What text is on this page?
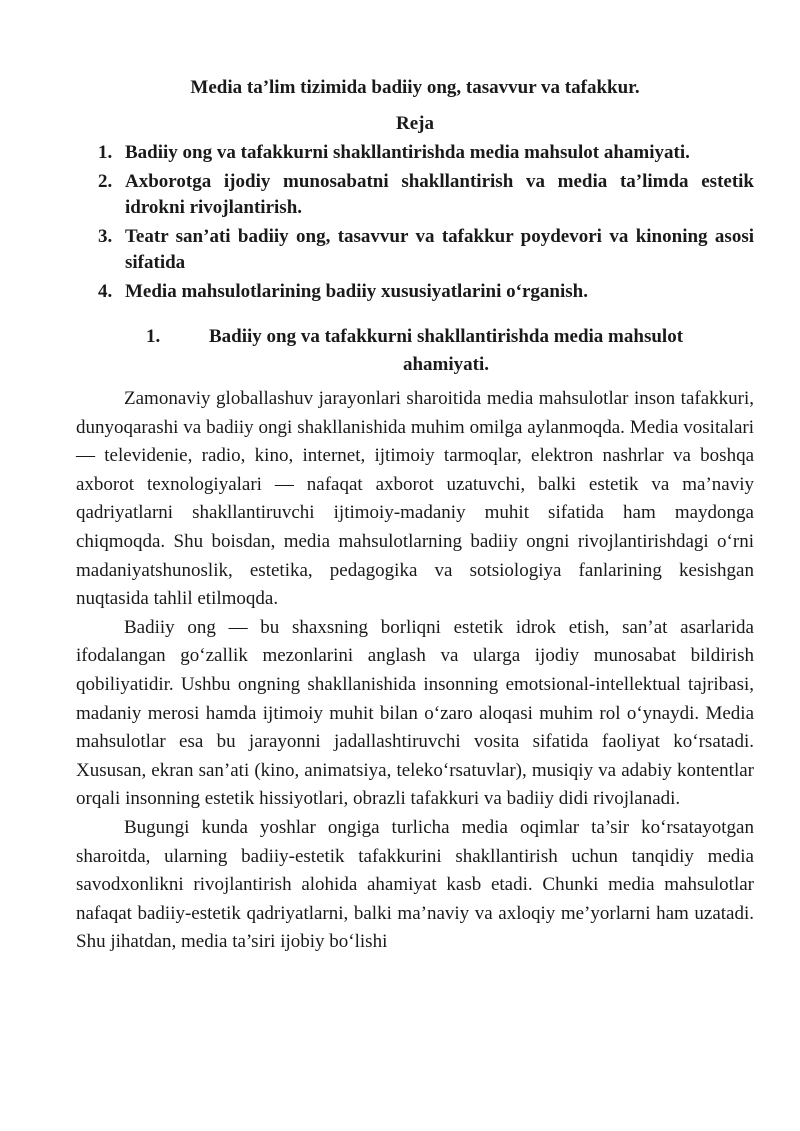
Media ta’lim tizimida badiiy ong, tasavvur va tafakkur.

Reja

1. Badiiy ong va tafakkurni shakllantirishda media mahsulot ahamiyati.
2. Axborotga ijodiy munosabatni shakllantirish va media ta’limda estetik idrokni rivojlantirish.
3. Teatr san’ati badiiy ong, tasavvur va tafakkur poydevori va kinoning asosi sifatida
4. Media mahsulotlarining badiiy xususiyatlarini o‘rganish.
1.	Badiiy ong va tafakkurni shakllantirishda media mahsulot ahamiyati.

Zamonaviy globallashuv jarayonlari sharoitida media mahsulotlar inson tafakkuri, dunyoqarashi va badiiy ongi shakllanishida muhim omilga aylanmoqda. Media vositalari — televidenie, radio, kino, internet, ijtimoiy tarmoqlar, elektron nashrlar va boshqa axborot texnologiyalari — nafaqat axborot uzatuvchi, balki estetik va ma’naviy qadriyatlarni shakllantiruvchi ijtimoiy-madaniy muhit sifatida ham maydonga chiqmoqda. Shu boisdan, media mahsulotlarning badiiy ongni rivojlantirishdagi o‘rni madaniyatshunoslik, estetika, pedagogika va sotsiologiya fanlarining kesishgan nuqtasida tahlil etilmoqda.

Badiiy ong — bu shaxsning borliqni estetik idrok etish, san’at asarlarida ifodalangan go‘zallik mezonlarini anglash va ularga ijodiy munosabat bildirish qobiliyatidir. Ushbu ongning shakllanishida insonning emotsional-intellektual tajribasi, madaniy merosi hamda ijtimoiy muhit bilan o‘zaro aloqasi muhim rol o‘ynaydi. Media mahsulotlar esa bu jarayonni jadallashtiruvchi vosita sifatida faoliyat ko‘rsatadi. Xususan, ekran san’ati (kino, animatsiya, teleko‘rsatuvlar), musiqiy va adabiy kontentlar orqali insonning estetik hissiyotlari, obrazli tafakkuri va badiiy didi rivojlanadi.

Bugungi kunda yoshlar ongiga turlicha media oqimlar ta’sir ko‘rsatayotgan sharoitda, ularning badiiy-estetik tafakkurini shakllantirish uchun tanqidiy media savodxonlikni rivojlantirish alohida ahamiyat kasb etadi. Chunki media mahsulotlar nafaqat badiiy-estetik qadriyatlarni, balki ma’naviy va axloqiy me’yorlarni ham uzatadi. Shu jihatdan, media ta’siri ijobiy bo‘lishi
